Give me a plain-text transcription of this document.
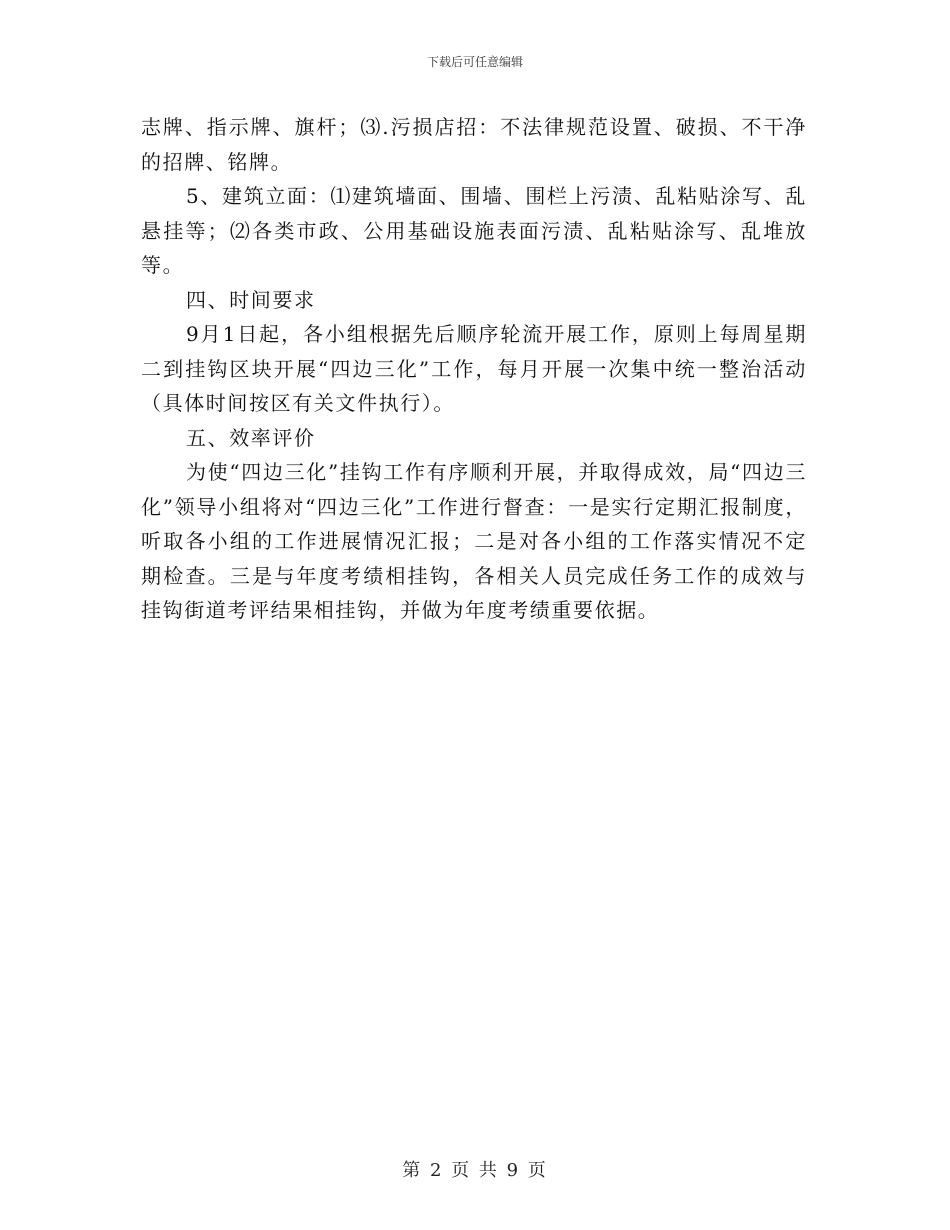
下载后可任意编辑

志牌、指示牌、旗杆；⑶.污损店招：不法律规范设置、破损、不干净的招牌、铭牌。

5、建筑立面：⑴建筑墙面、围墙、围栏上污渍、乱粘贴涂写、乱悬挂等；⑵各类市政、公用基础设施表面污渍、乱粘贴涂写、乱堆放等。

四、时间要求

9月1日起，各小组根据先后顺序轮流开展工作，原则上每周星期二到挂钩区块开展“四边三化”工作，每月开展一次集中统一整治活动（具体时间按区有关文件执行）。

五、效率评价

为使“四边三化”挂钩工作有序顺利开展，并取得成效，局“四边三化”领导小组将对“四边三化”工作进行督查：一是实行定期汇报制度，听取各小组的工作进展情况汇报；二是对各小组的工作落实情况不定期检查。三是与年度考绩相挂钩，各相关人员完成任务工作的成效与挂钩街道考评结果相挂钩，并做为年度考绩重要依据。

第 2 页 共 9 页
